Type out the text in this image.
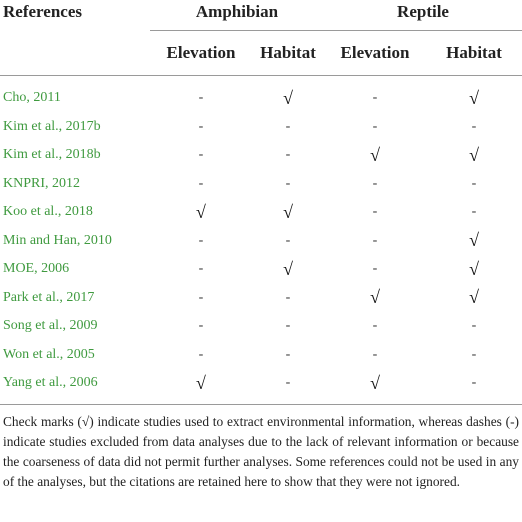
References	Amphibian		Reptile	
	Elevation	Habitat	Elevation	Habitat

Cho, 2011	-	√	-	√
Kim et al., 2017b	-	-	-	-
Kim et al., 2018b	-	-	√	√
KNPRI, 2012	-	-	-	-
Koo et al., 2018	√	√	-	-
Min and Han, 2010	-	-	-	√
MOE, 2006	-	√	-	√
Park et al., 2017	-	-	√	√
Song et al., 2009	-	-	-	-
Won et al., 2005	-	-	-	-
Yang et al., 2006	√	-	√	-
Check marks (√) indicate studies used to extract environmental information, whereas dashes (-) indicate studies excluded from data analyses due to the lack of relevant information or because the coarseness of data did not permit further analyses. Some references could not be used in any of the analyses, but the citations are retained here to show that they were not ignored.
